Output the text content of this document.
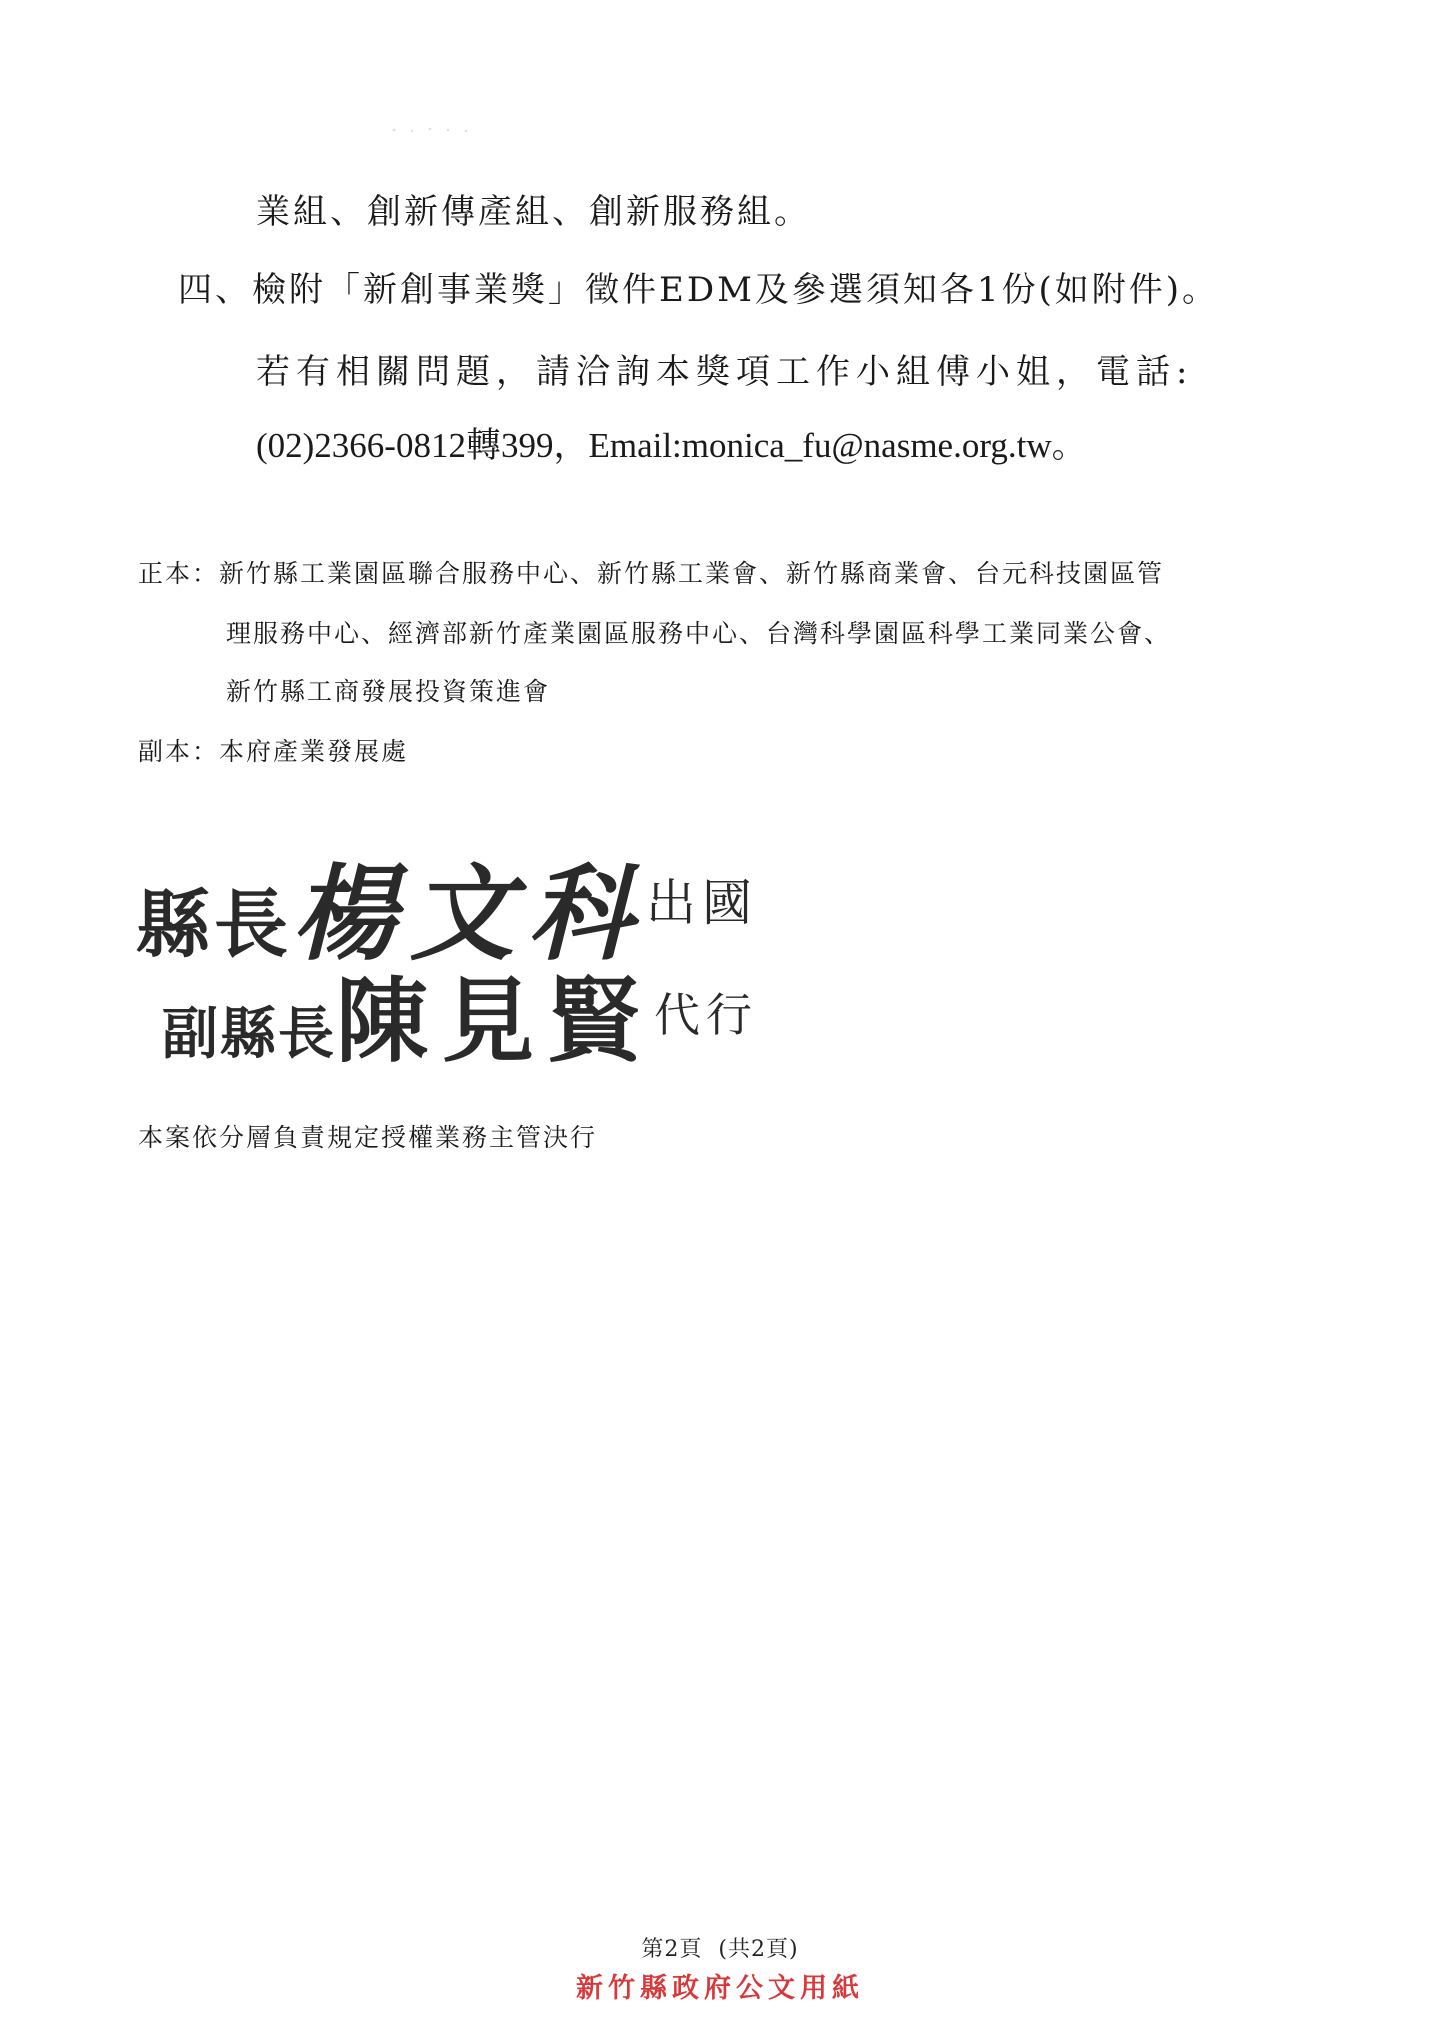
業組、創新傳產組、創新服務組。
四、檢附「新創事業獎」徵件EDM及參選須知各1份(如附件)。
若有相關問題，請洽詢本獎項工作小組傅小姐，電話:
(02)2366-0812轉399，Email:monica_fu@nasme.org.tw。
正本：新竹縣工業園區聯合服務中心、新竹縣工業會、新竹縣商業會、台元科技園區管
理服務中心、經濟部新竹產業園區服務中心、台灣科學園區科學工業同業公會、
新竹縣工商發展投資策進會
副本：本府產業發展處
縣長楊文科出國
副縣長陳見賢代行
本案依分層負責規定授權業務主管決行
第2頁 (共2頁)
新竹縣政府公文用紙
